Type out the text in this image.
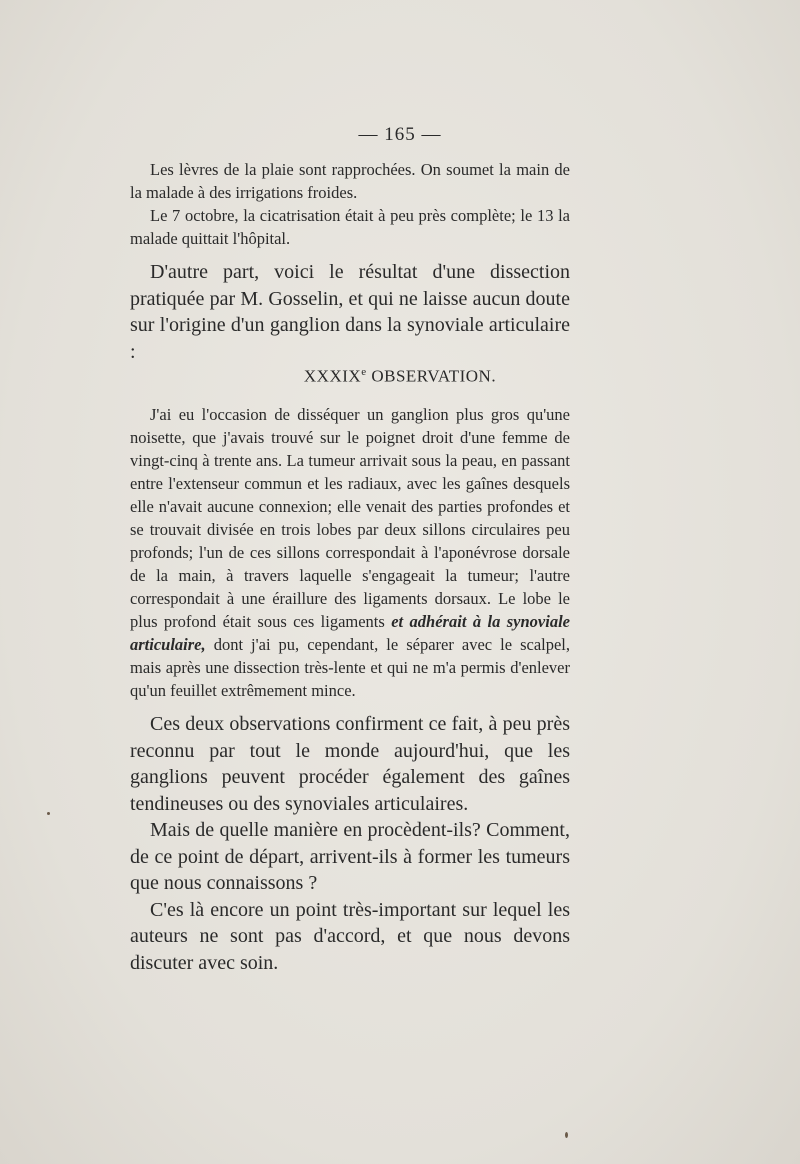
— 165 —

Les lèvres de la plaie sont rapprochées. On soumet la main de la malade à des irrigations froides.

Le 7 octobre, la cicatrisation était à peu près complète; le 13 la malade quittait l'hôpital.

D'autre part, voici le résultat d'une dissection pratiquée par M. Gosselin, et qui ne laisse aucun doute sur l'origine d'un ganglion dans la synoviale articulaire :

XXXIXe OBSERVATION.

J'ai eu l'occasion de disséquer un ganglion plus gros qu'une noisette, que j'avais trouvé sur le poignet droit d'une femme de vingt-cinq à trente ans. La tumeur arrivait sous la peau, en passant entre l'extenseur commun et les radiaux, avec les gaînes desquels elle n'avait aucune connexion; elle venait des parties profondes et se trouvait divisée en trois lobes par deux sillons circulaires peu profonds; l'un de ces sillons correspondait à l'aponévrose dorsale de la main, à travers laquelle s'engageait la tumeur; l'autre correspondait à une éraillure des ligaments dorsaux. Le lobe le plus profond était sous ces ligaments et adhérait à la synoviale articulaire, dont j'ai pu, cependant, le séparer avec le scalpel, mais après une dissection très-lente et qui ne m'a permis d'enlever qu'un feuillet extrêmement mince.

Ces deux observations confirment ce fait, à peu près reconnu par tout le monde aujourd'hui, que les ganglions peuvent procéder également des gaînes tendineuses ou des synoviales articulaires.

Mais de quelle manière en procèdent-ils? Comment, de ce point de départ, arrivent-ils à former les tumeurs que nous connaissons ?

C'es là encore un point très-important sur lequel les auteurs ne sont pas d'accord, et que nous devons discuter avec soin.
